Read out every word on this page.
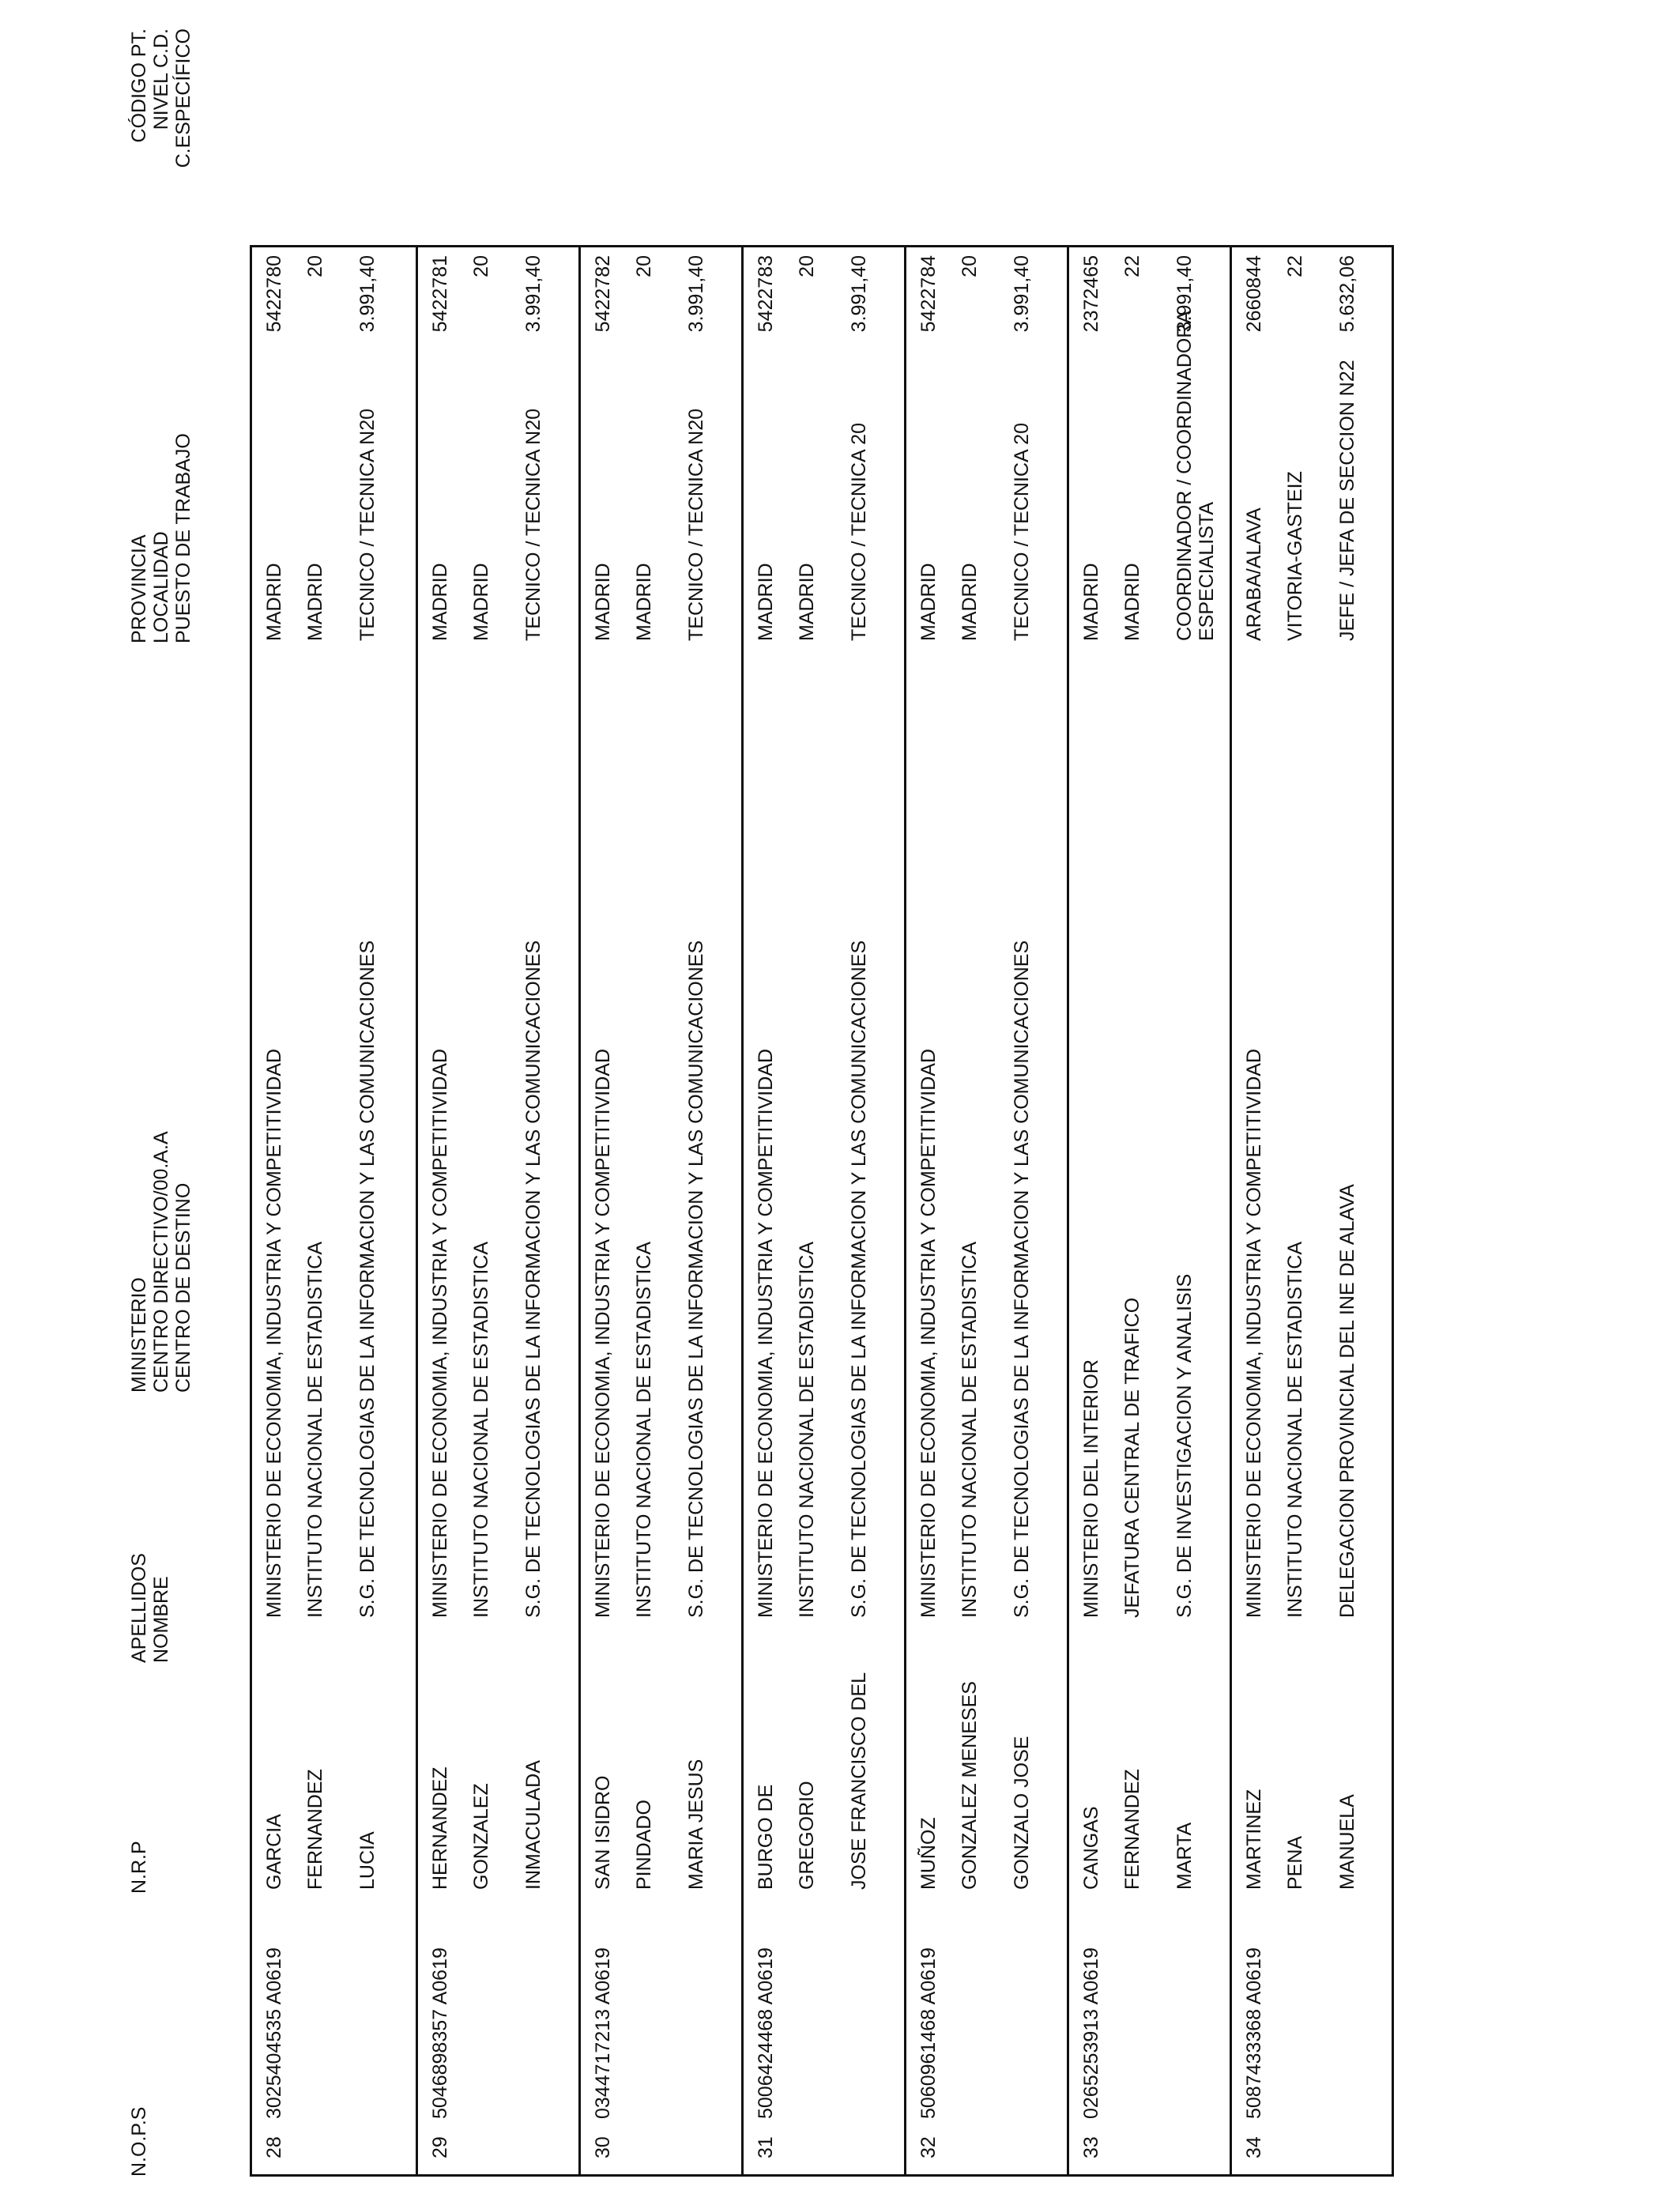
N.O.P.S
N.R.P
APELLIDOS NOMBRE
MINISTERIO CENTRO DIRECTIVO/00.A.A CENTRO DE DESTINO
PROVINCIA LOCALIDAD PUESTO DE TRABAJO
CÓDIGO PT. NIVEL C.D. C.ESPECÍFICO
28
3025404535 A0619
GARCIA FERNANDEZ LUCIA
MINISTERIO DE ECONOMIA, INDUSTRIA Y COMPETITIVIDAD INSTITUTO NACIONAL DE ESTADISTICA S.G. DE TECNOLOGIAS DE LA INFORMACION Y LAS COMUNICACIONES
MADRID MADRID TECNICO / TECNICA N20
5422780 20 3.991,40
29
5046898357 A0619
HERNANDEZ GONZALEZ INMACULADA
MINISTERIO DE ECONOMIA, INDUSTRIA Y COMPETITIVIDAD INSTITUTO NACIONAL DE ESTADISTICA S.G. DE TECNOLOGIAS DE LA INFORMACION Y LAS COMUNICACIONES
MADRID MADRID TECNICO / TECNICA N20
5422781 20 3.991,40
30
0344717213 A0619
SAN ISIDRO PINDADO MARIA JESUS
MINISTERIO DE ECONOMIA, INDUSTRIA Y COMPETITIVIDAD INSTITUTO NACIONAL DE ESTADISTICA S.G. DE TECNOLOGIAS DE LA INFORMACION Y LAS COMUNICACIONES
MADRID MADRID TECNICO / TECNICA N20
5422782 20 3.991,40
31
5006424468 A0619
BURGO DE GREGORIO JOSE FRANCISCO DEL
MINISTERIO DE ECONOMIA, INDUSTRIA Y COMPETITIVIDAD INSTITUTO NACIONAL DE ESTADISTICA S.G. DE TECNOLOGIAS DE LA INFORMACION Y LAS COMUNICACIONES
MADRID MADRID TECNICO / TECNICA 20
5422783 20 3.991,40
32
5060961468 A0619
MUÑOZ GONZALEZ MENESES GONZALO JOSE
MINISTERIO DE ECONOMIA, INDUSTRIA Y COMPETITIVIDAD INSTITUTO NACIONAL DE ESTADISTICA S.G. DE TECNOLOGIAS DE LA INFORMACION Y LAS COMUNICACIONES
MADRID MADRID TECNICO / TECNICA 20
5422784 20 3.991,40
33
0265253913 A0619
CANGAS FERNANDEZ MARTA
MINISTERIO DEL INTERIOR JEFATURA CENTRAL DE TRAFICO S.G. DE INVESTIGACION Y ANALISIS
MADRID MADRID COORDINADOR / COORDINADORA ESPECIALISTA
2372465 22 3.991,40
34
5087433368 A0619
MARTINEZ PENA MANUELA
MINISTERIO DE ECONOMIA, INDUSTRIA Y COMPETITIVIDAD INSTITUTO NACIONAL DE ESTADISTICA DELEGACION PROVINCIAL DEL INE DE ALAVA
ARABA/ALAVA VITORIA-GASTEIZ JEFE / JEFA DE SECCION N22
2660844 22 5.632,06
